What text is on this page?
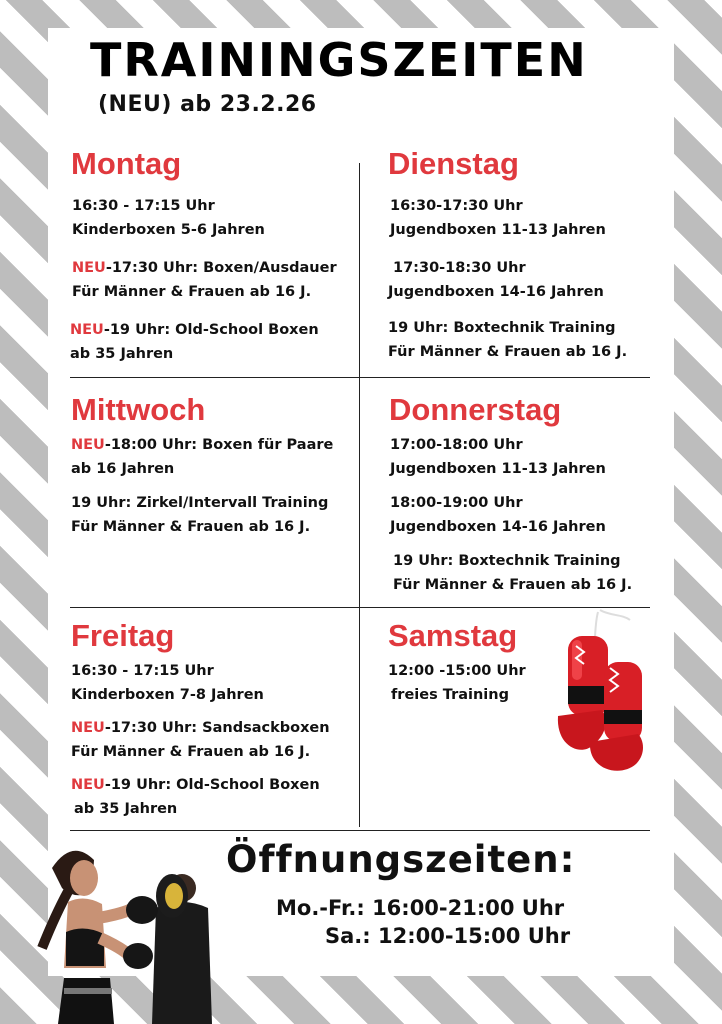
TRAININGSZEITEN
(NEU) ab 23.2.26
Montag
16:30 - 17:15 Uhr
Kinderboxen 5-6 Jahren
NEU-17:30 Uhr: Boxen/Ausdauer
Für Männer & Frauen ab 16 J.
NEU-19 Uhr: Old-School Boxen
ab 35 Jahren
Dienstag
16:30-17:30 Uhr
Jugendboxen 11-13 Jahren
17:30-18:30 Uhr
Jugendboxen 14-16 Jahren
19 Uhr: Boxtechnik Training
Für Männer & Frauen ab 16 J.
Mittwoch
NEU-18:00 Uhr: Boxen für Paare
ab 16 Jahren
19 Uhr: Zirkel/Intervall Training
Für Männer & Frauen ab 16 J.
Donnerstag
17:00-18:00 Uhr
Jugendboxen 11-13 Jahren
18:00-19:00 Uhr
Jugendboxen 14-16 Jahren
19 Uhr: Boxtechnik Training
Für Männer & Frauen ab 16 J.
Freitag
16:30 - 17:15 Uhr
Kinderboxen 7-8 Jahren
NEU-17:30 Uhr: Sandsackboxen
Für Männer & Frauen ab 16 J.
NEU-19 Uhr: Old-School Boxen
ab 35 Jahren
Samstag
12:00 -15:00 Uhr
freies Training
Öffnungszeiten:
Mo.-Fr.: 16:00-21:00 Uhr
Sa.: 12:00-15:00 Uhr
